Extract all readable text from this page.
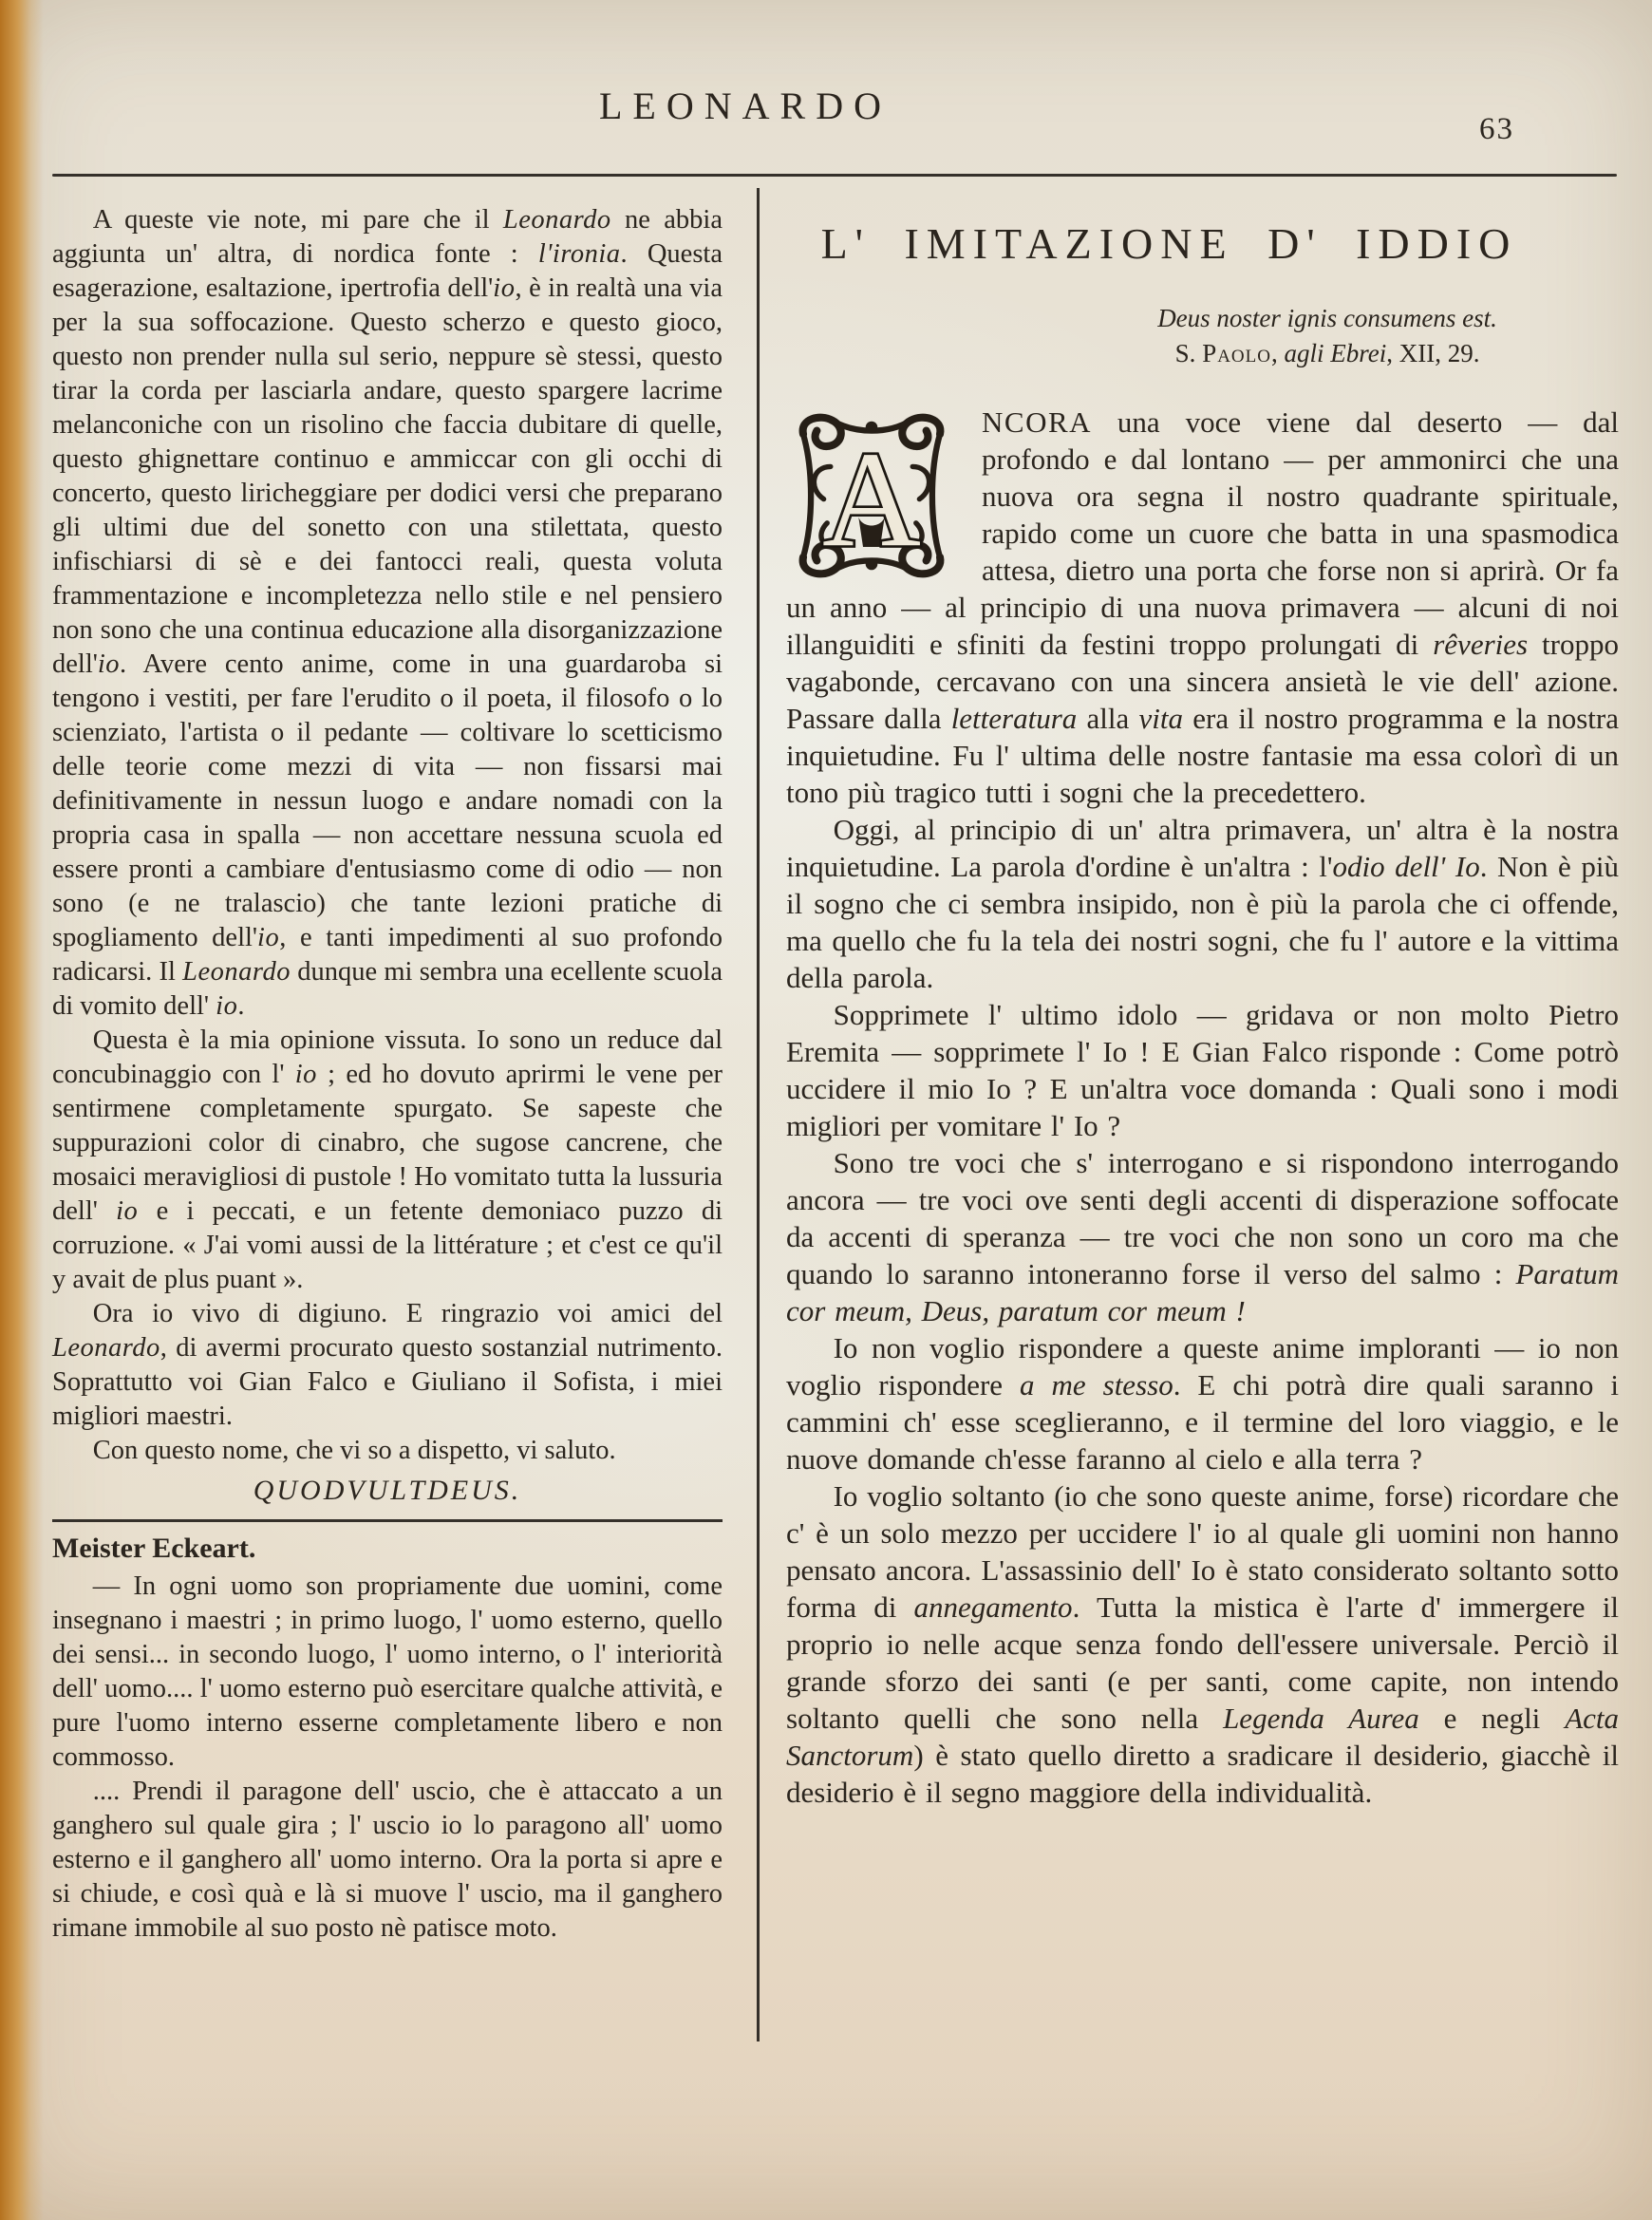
LEONARDO
63

A queste vie note, mi pare che il Leonardo ne abbia aggiunta un' altra, di nordica fonte : l'ironia. Questa esagerazione, esaltazione, ipertrofia dell'io, è in realtà una via per la sua soffocazione. Questo scherzo e questo gioco, questo non prender nulla sul serio, neppure sè stessi, questo tirar la corda per lasciarla andare, questo spargere lacrime melanconiche con un risolino che faccia dubitare di quelle, questo ghignettare continuo e ammiccar con gli occhi di concerto, questo liricheggiare per dodici versi che preparano gli ultimi due del sonetto con una stilettata, questo infischiarsi di sè e dei fantocci reali, questa voluta frammentazione e incompletezza nello stile e nel pensiero non sono che una continua educazione alla disorganizzazione dell'io. Avere cento anime, come in una guardaroba si tengono i vestiti, per fare l'erudito o il poeta, il filosofo o lo scienziato, l'artista o il pedante — coltivare lo scetticismo delle teorie come mezzi di vita — non fissarsi mai definitivamente in nessun luogo e andare nomadi con la propria casa in spalla — non accettare nessuna scuola ed essere pronti a cambiare d'entusiasmo come di odio — non sono (e ne tralascio) che tante lezioni pratiche di spogliamento dell'io, e tanti impedimenti al suo profondo radicarsi. Il Leonardo dunque mi sembra una ecellente scuola di vomito dell' io.

Questa è la mia opinione vissuta. Io sono un reduce dal concubinaggio con l' io ; ed ho dovuto aprirmi le vene per sentirmene completamente spurgato. Se sapeste che suppurazioni color di cinabro, che sugose cancrene, che mosaici meravigliosi di pustole ! Ho vomitato tutta la lussuria dell' io e i peccati, e un fetente demoniaco puzzo di corruzione. « J'ai vomi aussi de la littérature ; et c'est ce qu'il y avait de plus puant ».

Ora io vivo di digiuno. E ringrazio voi amici del Leonardo, di avermi procurato questo sostanzial nutrimento. Soprattutto voi Gian Falco e Giuliano il Sofista, i miei migliori maestri.

Con questo nome, che vi so a dispetto, vi saluto.

QUODVULTDEUS.
Meister Eckeart.

— In ogni uomo son propriamente due uomini, come insegnano i maestri ; in primo luogo, l' uomo esterno, quello dei sensi... in secondo luogo, l' uomo interno, o l' interiorità dell' uomo.... l' uomo esterno può esercitare qualche attività, e pure l'uomo interno esserne completamente libero e non commosso.

.... Prendi il paragone dell' uscio, che è attaccato a un ganghero sul quale gira ; l' uscio io lo paragono all' uomo esterno e il ganghero all' uomo interno. Ora la porta si apre e si chiude, e così quà e là si muove l' uscio, ma il ganghero rimane immobile al suo posto nè patisce moto.

L' IMITAZIONE D' IDDIO
Deus noster ignis consumens est.
S. Paolo, agli Ebrei, XII, 29.
A

NCORA una voce viene dal deserto — dal profondo e dal lontano — per ammonirci che una nuova ora segna il nostro quadrante spirituale, rapido come un cuore che batta in una spasmodica attesa, dietro una porta che forse non si aprirà. Or fa un anno — al principio di una nuova primavera — alcuni di noi illanguiditi e sfiniti da festini troppo prolungati di rêveries troppo vagabonde, cercavano con una sincera ansietà le vie dell' azione. Passare dalla letteratura alla vita era il nostro programma e la nostra inquietudine. Fu l' ultima delle nostre fantasie ma essa colorì di un tono più tragico tutti i sogni che la precedettero.

Oggi, al principio di un' altra primavera, un' altra è la nostra inquietudine. La parola d'ordine è un'altra : l'odio dell' Io. Non è più il sogno che ci sembra insipido, non è più la parola che ci offende, ma quello che fu la tela dei nostri sogni, che fu l' autore e la vittima della parola.

Sopprimete l' ultimo idolo — gridava or non molto Pietro Eremita — sopprimete l' Io ! E Gian Falco risponde : Come potrò uccidere il mio Io ? E un'altra voce domanda : Quali sono i modi migliori per vomitare l' Io ?

Sono tre voci che s' interrogano e si rispondono interrogando ancora — tre voci ove senti degli accenti di disperazione soffocate da accenti di speranza — tre voci che non sono un coro ma che quando lo saranno intoneranno forse il verso del salmo : Paratum cor meum, Deus, paratum cor meum !

Io non voglio rispondere a queste anime imploranti — io non voglio rispondere a me stesso. E chi potrà dire quali saranno i cammini ch' esse sceglieranno, e il termine del loro viaggio, e le nuove domande ch'esse faranno al cielo e alla terra ?

Io voglio soltanto (io che sono queste anime, forse) ricordare che c' è un solo mezzo per uccidere l' io al quale gli uomini non hanno pensato ancora. L'assassinio dell' Io è stato considerato soltanto sotto forma di annegamento. Tutta la mistica è l'arte d' immergere il proprio io nelle acque senza fondo dell'essere universale. Perciò il grande sforzo dei santi (e per santi, come capite, non intendo soltanto quelli che sono nella Legenda Aurea e negli Acta Sanctorum) è stato quello diretto a sradicare il desiderio, giacchè il desiderio è il segno maggiore della individualità.
